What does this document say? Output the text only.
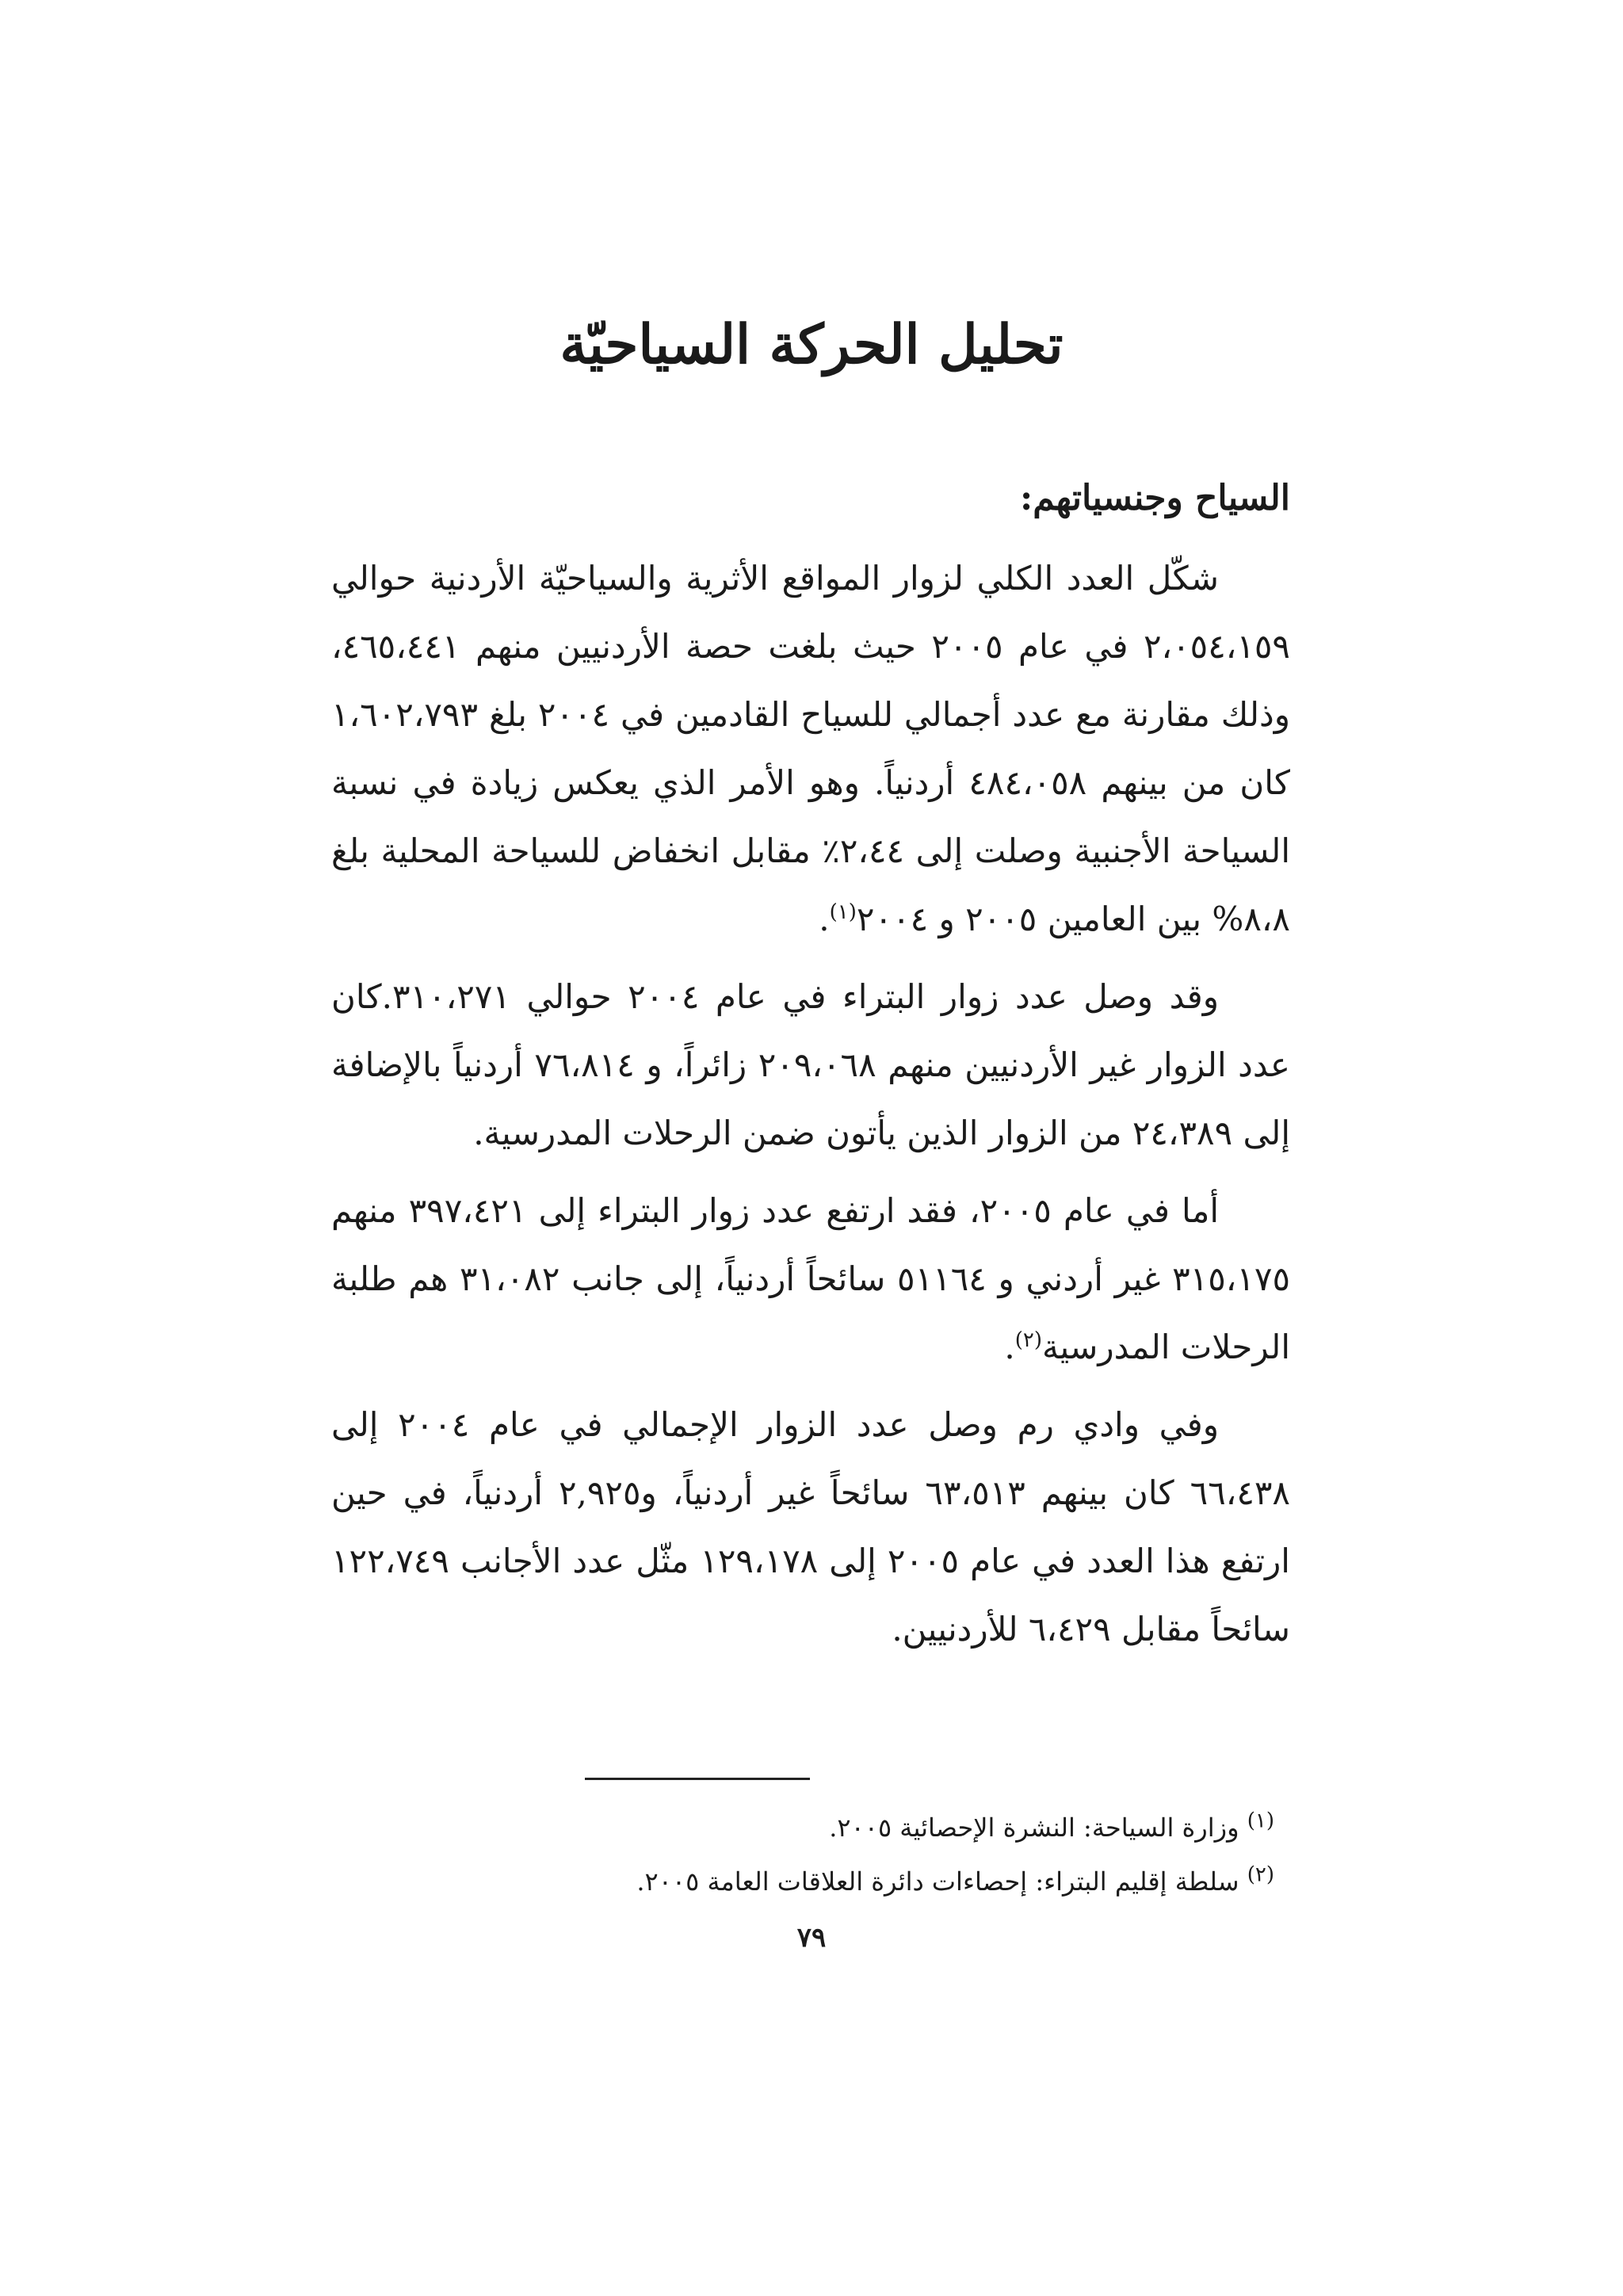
تحليل الحركة السياحيّة
السياح وجنسياتهم:

شكّل العدد الكلي لزوار المواقع الأثرية والسياحيّة الأردنية حوالي ٢،٠٥٤،١٥٩ في عام ٢٠٠٥ حيث بلغت حصة الأردنيين منهم ٤٦٥،٤٤١، وذلك مقارنة مع عدد أجمالي للسياح القادمين في ٢٠٠٤ بلغ ١،٦٠٢،٧٩٣ كان من بينهم ٤٨٤،٠٥٨ أردنياً. وهو الأمر الذي يعكس زيادة في نسبة السياحة الأجنبية وصلت إلى ٢،٤٤٪ مقابل انخفاض للسياحة المحلية بلغ ٨،٨% بين العامين ٢٠٠٥ و ٢٠٠٤$^{(١)}$.

وقد وصل عدد زوار البتراء في عام ٢٠٠٤ حوالي ٣١٠،٢٧١.كان عدد الزوار غير الأردنيين منهم ٢٠٩،٠٦٨ زائراً، و ٧٦،٨١٤ أردنياً بالإضافة إلى ٢٤،٣٨٩ من الزوار الذين يأتون ضمن الرحلات المدرسية.

أما في عام ٢٠٠٥، فقد ارتفع عدد زوار البتراء إلى ٣٩٧،٤٢١ منهم ٣١٥،١٧٥ غير أردني و ٥١١٦٤ سائحاً أردنياً، إلى جانب ٣١،٠٨٢ هم طلبة الرحلات المدرسية$^{(٢)}$.

وفي وادي رم وصل عدد الزوار الإجمالي في عام ٢٠٠٤ إلى ٦٦،٤٣٨ كان بينهم ٦٣،٥١٣ سائحاً غير أردنياً، و٢,٩٢٥ أردنياً، في حين ارتفع هذا العدد في عام ٢٠٠٥ إلى ١٢٩،١٧٨ مثّل عدد الأجانب ١٢٢،٧٤٩ سائحاً مقابل ٦،٤٢٩ للأردنيين.

$^{(١)}$ وزارة السياحة: النشرة الإحصائية ٢٠٠٥.

$^{(٢)}$ سلطة إقليم البتراء: إحصاءات دائرة العلاقات العامة ٢٠٠٥.

٧٩
